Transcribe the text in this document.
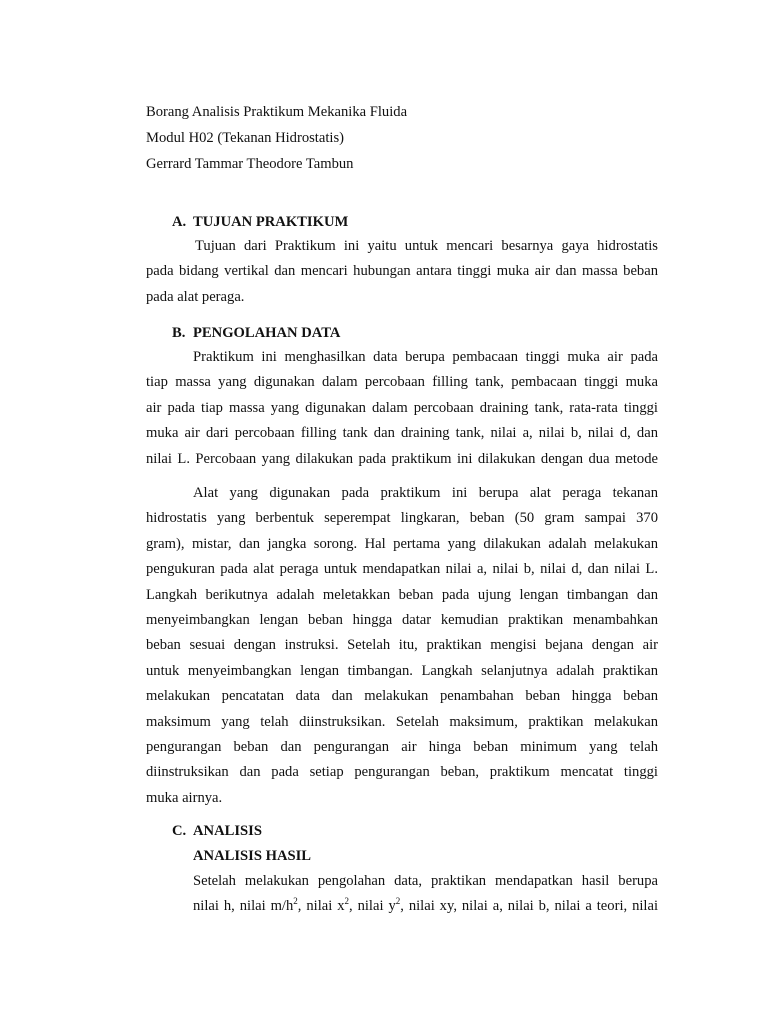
Borang Analisis Praktikum Mekanika Fluida
Modul H02 (Tekanan Hidrostatis)
Gerrard Tammar Theodore Tambun
A. TUJUAN PRAKTIKUM
Tujuan dari Praktikum ini yaitu untuk mencari besarnya gaya hidrostatis
pada bidang vertikal dan mencari hubungan antara tinggi muka air dan massa beban
pada alat peraga.
B. PENGOLAHAN DATA
Praktikum ini menghasilkan data berupa pembacaan tinggi muka air pada
tiap massa yang digunakan dalam percobaan filling tank, pembacaan tinggi muka
air pada tiap massa yang digunakan dalam percobaan draining tank, rata-rata tinggi
muka air dari percobaan filling tank dan draining tank, nilai a, nilai b, nilai d, dan
nilai L. Percobaan yang dilakukan pada praktikum ini dilakukan dengan dua metode
Alat yang digunakan pada praktikum ini berupa alat peraga tekanan
hidrostatis yang berbentuk seperempat lingkaran, beban (50 gram sampai 370
gram), mistar, dan jangka sorong. Hal pertama yang dilakukan adalah melakukan
pengukuran pada alat peraga untuk mendapatkan nilai a, nilai b, nilai d, dan nilai L.
Langkah berikutnya adalah meletakkan beban pada ujung lengan timbangan dan
menyeimbangkan lengan beban hingga datar kemudian praktikan menambahkan
beban sesuai dengan instruksi. Setelah itu, praktikan mengisi bejana dengan air
untuk menyeimbangkan lengan timbangan. Langkah selanjutnya adalah praktikan
melakukan pencatatan data dan melakukan penambahan beban hingga beban
maksimum yang telah diinstruksikan. Setelah maksimum, praktikan melakukan
pengurangan beban dan pengurangan air hinga beban minimum yang telah
diinstruksikan dan pada setiap pengurangan beban, praktikum mencatat tinggi
muka airnya.
C. ANALISIS
ANALISIS HASIL
Setelah melakukan pengolahan data, praktikan mendapatkan hasil berupa
nilai h, nilai $m/h^2$, nilai $x^2$, nilai $y^2$, nilai xy, nilai a, nilai b, nilai a teori, nilai
